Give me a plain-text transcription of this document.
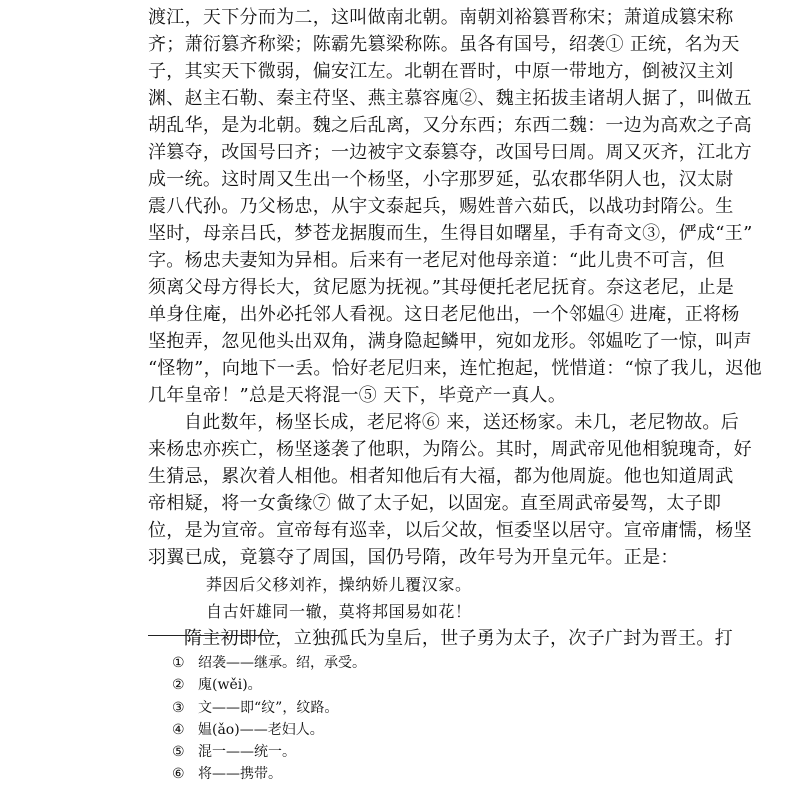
渡江，天下分而为二，这叫做南北朝。南朝刘裕篡晋称宋；萧道成篡宋称
齐；萧衍篡齐称梁；陈霸先篡梁称陈。虽各有国号，绍袭① 正统，名为天
子，其实天下微弱，偏安江左。北朝在晋时，中原一带地方，倒被汉主刘
渊、赵主石勒、秦主苻坚、燕主慕容廆②、魏主拓拔圭诸胡人据了，叫做五
胡乱华，是为北朝。魏之后乱离，又分东西；东西二魏：一边为高欢之子高
洋篡夺，改国号曰齐；一边被宇文泰篡夺，改国号曰周。周又灭齐，江北方
成一统。这时周又生出一个杨坚，小字那罗延，弘农郡华阴人也，汉太尉
震八代孙。乃父杨忠，从宇文泰起兵，赐姓普六茹氏，以战功封隋公。生
坚时，母亲吕氏，梦苍龙据腹而生，生得目如曙星，手有奇文③，俨成“王”
字。杨忠夫妻知为异相。后来有一老尼对他母亲道：“此儿贵不可言，但
须离父母方得长大，贫尼愿为抚视。”其母便托老尼抚育。奈这老尼，止是
单身住庵，出外必托邻人看视。这日老尼他出，一个邻媪④ 进庵，正将杨
坚抱弄，忽见他头出双角，满身隐起鳞甲，宛如龙形。邻媪吃了一惊，叫声
“怪物”，向地下一丢。恰好老尼归来，连忙抱起，恍惜道：“惊了我儿，迟他
几年皇帝！”总是天将混一⑤ 天下，毕竟产一真人。
自此数年，杨坚长成，老尼将⑥ 来，送还杨家。未几，老尼物故。后
来杨忠亦疾亡，杨坚遂袭了他职，为隋公。其时，周武帝见他相貌瑰奇，好
生猜忌，累次着人相他。相者知他后有大福，都为他周旋。他也知道周武
帝相疑，将一女夤缘⑦ 做了太子妃，以固宠。直至周武帝晏驾，太子即
位，是为宣帝。宣帝每有巡幸，以后父故，恒委坚以居守。宣帝庸懦，杨坚
羽翼已成，竟篡夺了周国，国仍号隋，改年号为开皇元年。正是：
莽因后父移刘祚，操纳娇儿覆汉家。
自古奸雄同一辙，莫将邦国易如花！
隋主初即位，立独孤氏为皇后，世子勇为太子，次子广封为晋王。打
① 绍袭——继承。绍，承受。
② 廆(wěi)。
③ 文——即“纹”，纹路。
④ 媪(ǎo)——老妇人。
⑤ 混一——统一。
⑥ 将——携带。
